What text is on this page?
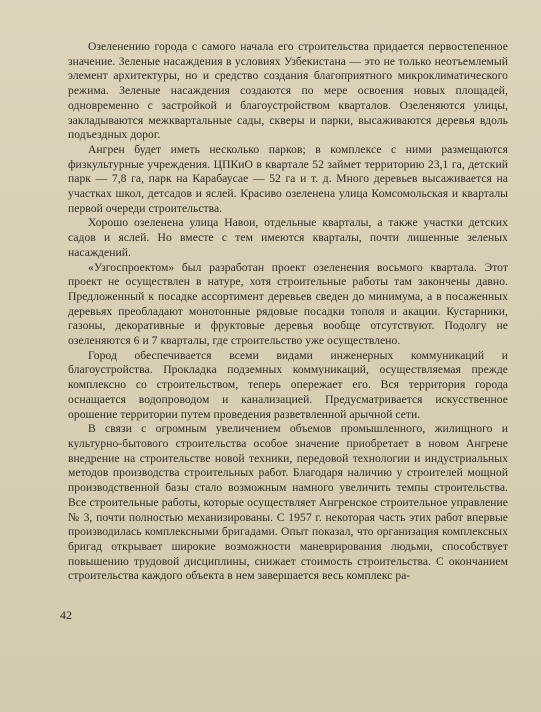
Озеленению города с самого начала его строительства придается первостепенное значение. Зеленые насаждения в условиях Узбекистана — это не только неотъемлемый элемент архитектуры, но и средство создания благоприятного микроклиматического режима. Зеленые насаждения создаются по мере освоения новых площадей, одновременно с застройкой и благоустройством кварталов. Озеленяются улицы, закладываются межквартальные сады, скверы и парки, высаживаются деревья вдоль подъездных дорог.

Ангрен будет иметь несколько парков; в комплексе с ними размещаются физкультурные учреждения. ЦПКиО в квартале 52 займет территорию 23,1 га, детский парк — 7,8 га, парк на Карабаусае — 52 га и т. д. Много деревьев высаживается на участках школ, детсадов и яслей. Красиво озеленена улица Комсомольская и кварталы первой очереди строительства.

Хорошо озеленена улица Навои, отдельные кварталы, а также участки детских садов и яслей. Но вместе с тем имеются кварталы, почти лишенные зеленых насаждений.

«Узгоспроектом» был разработан проект озеленения восьмого квартала. Этот проект не осуществлен в натуре, хотя строительные работы там закончены давно. Предложенный к посадке ассортимент деревьев сведен до минимума, а в посаженных деревьях преобладают монотонные рядовые посадки тополя и акации. Кустарники, газоны, декоративные и фруктовые деревья вообще отсутствуют. Подолгу не озеленяются 6 и 7 кварталы, где строительство уже осуществлено.

Город обеспечивается всеми видами инженерных коммуникаций и благоустройства. Прокладка подземных коммуникаций, осуществляемая прежде комплексно со строительством, теперь опережает его. Вся территория города оснащается водопроводом и канализацией. Предусматривается искусственное орошение территории путем проведения разветвленной арычной сети.

В связи с огромным увеличением объемов промышленного, жилищного и культурно-бытового строительства особое значение приобретает в новом Ангрене внедрение на строительстве новой техники, передовой технологии и индустриальных методов производства строительных работ. Благодаря наличию у строителей мощной производственной базы стало возможным намного увеличить темпы строительства. Все строительные работы, которые осуществляет Ангренское строительное управление № 3, почти полностью механизированы. С 1957 г. некоторая часть этих работ впервые производилась комплексными бригадами. Опыт показал, что организация комплексных бригад открывает широкие возможности маневрирования людьми, способствует повышению трудовой дисциплины, снижает стоимость строительства. С окончанием строительства каждого объекта в нем завершается весь комплекс ра-

42
